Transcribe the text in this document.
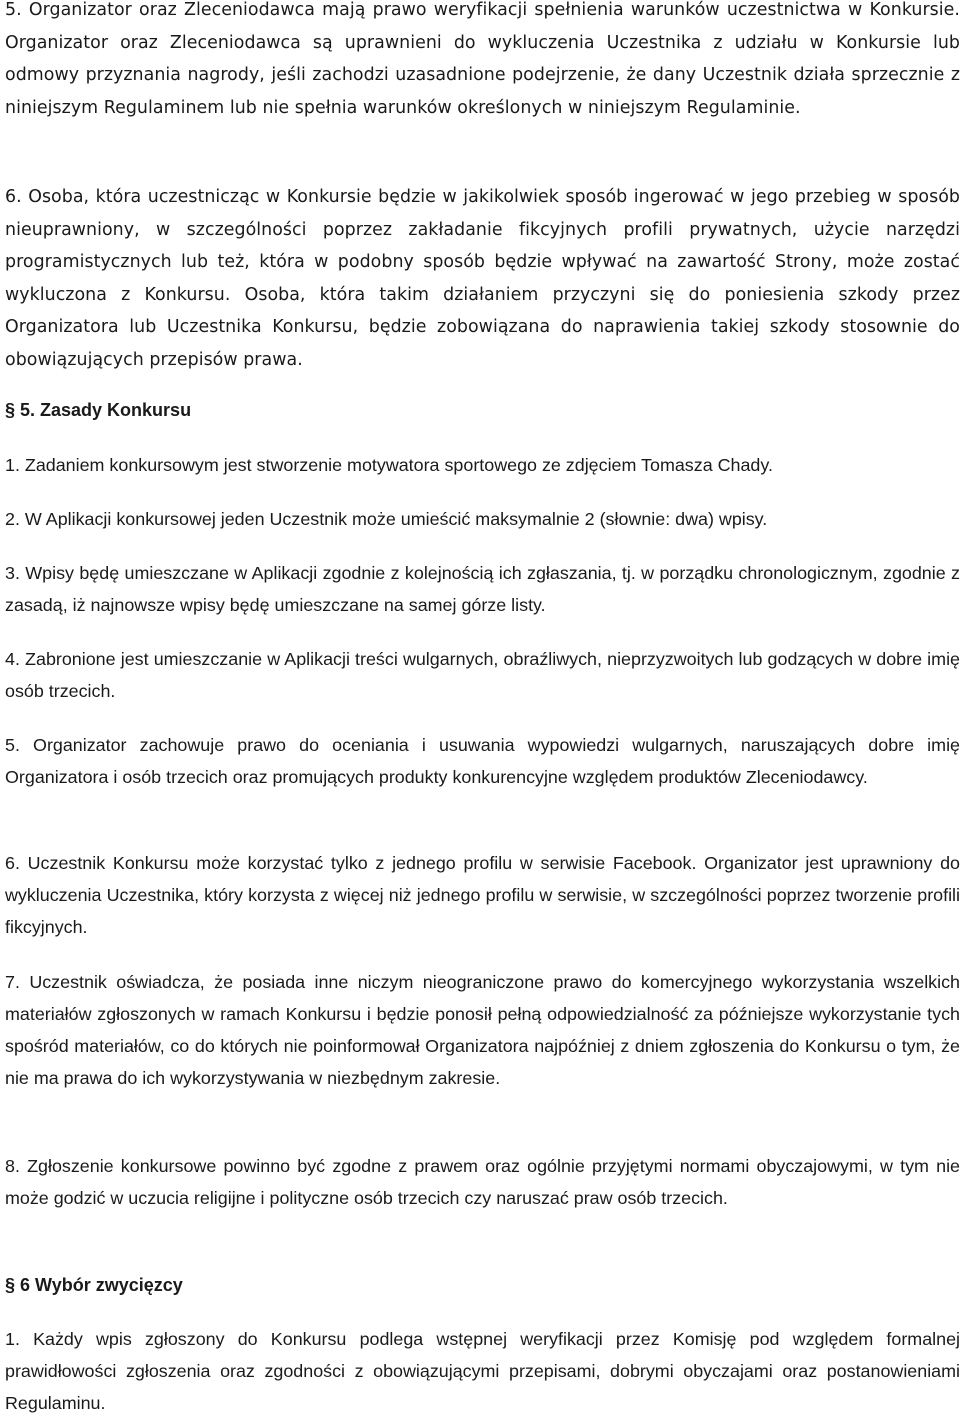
5. Organizator oraz Zleceniodawca mają prawo weryfikacji spełnienia warunków uczestnictwa w Konkursie. Organizator oraz Zleceniodawca są uprawnieni do wykluczenia Uczestnika z udziału w Konkursie lub odmowy przyznania nagrody, jeśli zachodzi uzasadnione podejrzenie, że dany Uczestnik działa sprzecznie z niniejszym Regulaminem lub nie spełnia warunków określonych w niniejszym Regulaminie.

6. Osoba, która uczestnicząc w Konkursie będzie w jakikolwiek sposób ingerować w jego przebieg w sposób nieuprawniony, w szczególności poprzez zakładanie fikcyjnych profili prywatnych, użycie narzędzi programistycznych lub też, która w podobny sposób będzie wpływać na zawartość Strony, może zostać wykluczona z Konkursu. Osoba, która takim działaniem przyczyni się do poniesienia szkody przez Organizatora lub Uczestnika Konkursu, będzie zobowiązana do naprawienia takiej szkody stosownie do obowiązujących przepisów prawa.

§ 5. Zasady Konkursu

1. Zadaniem konkursowym jest stworzenie motywatora sportowego ze zdjęciem Tomasza Chady.

2. W Aplikacji konkursowej jeden Uczestnik może umieścić maksymalnie 2 (słownie: dwa) wpisy.

3. Wpisy będę umieszczane w Aplikacji zgodnie z kolejnością ich zgłaszania, tj. w porządku chronologicznym, zgodnie z zasadą, iż najnowsze wpisy będę umieszczane na samej górze listy.

4. Zabronione jest umieszczanie w Aplikacji treści wulgarnych, obraźliwych, nieprzyzwoitych lub godzących w dobre imię osób trzecich.

5. Organizator zachowuje prawo do oceniania i usuwania wypowiedzi wulgarnych, naruszających dobre imię Organizatora i osób trzecich oraz promujących produkty konkurencyjne względem produktów Zleceniodawcy.

6. Uczestnik Konkursu może korzystać tylko z jednego profilu w serwisie Facebook. Organizator jest uprawniony do wykluczenia Uczestnika, który korzysta z więcej niż jednego profilu w serwisie, w szczególności poprzez tworzenie profili fikcyjnych.

7. Uczestnik oświadcza, że posiada inne niczym nieograniczone prawo do komercyjnego wykorzystania wszelkich materiałów zgłoszonych w ramach Konkursu i będzie ponosił pełną odpowiedzialność za późniejsze wykorzystanie tych spośród materiałów, co do których nie poinformował Organizatora najpóźniej z dniem zgłoszenia do Konkursu o tym, że nie ma prawa do ich wykorzystywania w niezbędnym zakresie.

8. Zgłoszenie konkursowe powinno być zgodne z prawem oraz ogólnie przyjętymi normami obyczajowymi, w tym nie może godzić w uczucia religijne i polityczne osób trzecich czy naruszać praw osób trzecich.

§ 6 Wybór zwycięzcy

1. Każdy wpis zgłoszony do Konkursu podlega wstępnej weryfikacji przez Komisję pod względem formalnej prawidłowości zgłoszenia oraz zgodności z obowiązującymi przepisami, dobrymi obyczajami oraz postanowieniami Regulaminu.
